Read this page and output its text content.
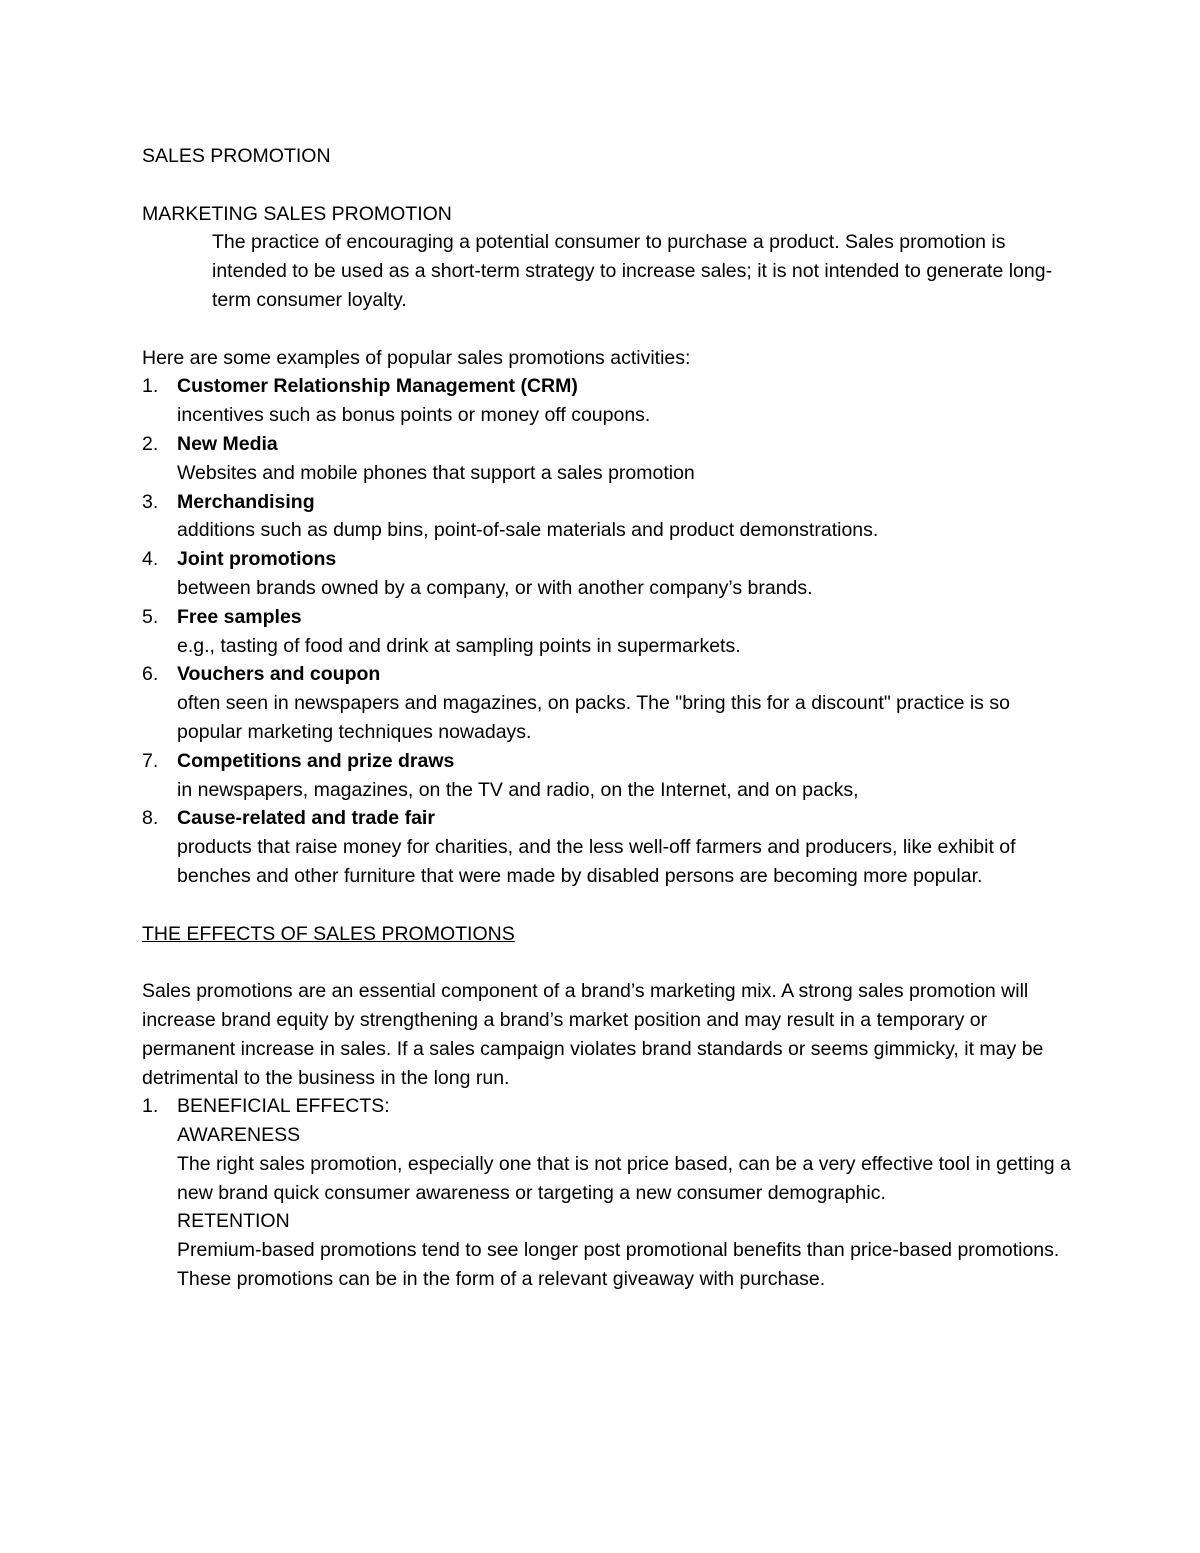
SALES PROMOTION

MARKETING SALES PROMOTION

The practice of encouraging a potential consumer to purchase a product. Sales promotion is intended to be used as a short-term strategy to increase sales; it is not intended to generate long-term consumer loyalty.

Here are some examples of popular sales promotions activities:

1. Customer Relationship Management (CRM)

incentives such as bonus points or money off coupons.

2. New Media

Websites and mobile phones that support a sales promotion

3. Merchandising

additions such as dump bins, point-of-sale materials and product demonstrations.

4. Joint promotions

between brands owned by a company, or with another company’s brands.

5. Free samples

e.g., tasting of food and drink at sampling points in supermarkets.

6. Vouchers and coupon

often seen in newspapers and magazines, on packs. The "bring this for a discount" practice is so popular marketing techniques nowadays.

7. Competitions and prize draws

in newspapers, magazines, on the TV and radio, on the Internet, and on packs,

8. Cause-related and trade fair

products that raise money for charities, and the less well-off farmers and producers, like exhibit of benches and other furniture that were made by disabled persons are becoming more popular.

THE EFFECTS OF SALES PROMOTIONS

Sales promotions are an essential component of a brand’s marketing mix. A strong sales promotion will increase brand equity by strengthening a brand’s market position and may result in a temporary or permanent increase in sales. If a sales campaign violates brand standards or seems gimmicky, it may be detrimental to the business in the long run.

1. BENEFICIAL EFFECTS:

AWARENESS

The right sales promotion, especially one that is not price based, can be a very effective tool in getting a new brand quick consumer awareness or targeting a new consumer demographic.

RETENTION

Premium-based promotions tend to see longer post promotional benefits than price-based promotions. These promotions can be in the form of a relevant giveaway with purchase.
